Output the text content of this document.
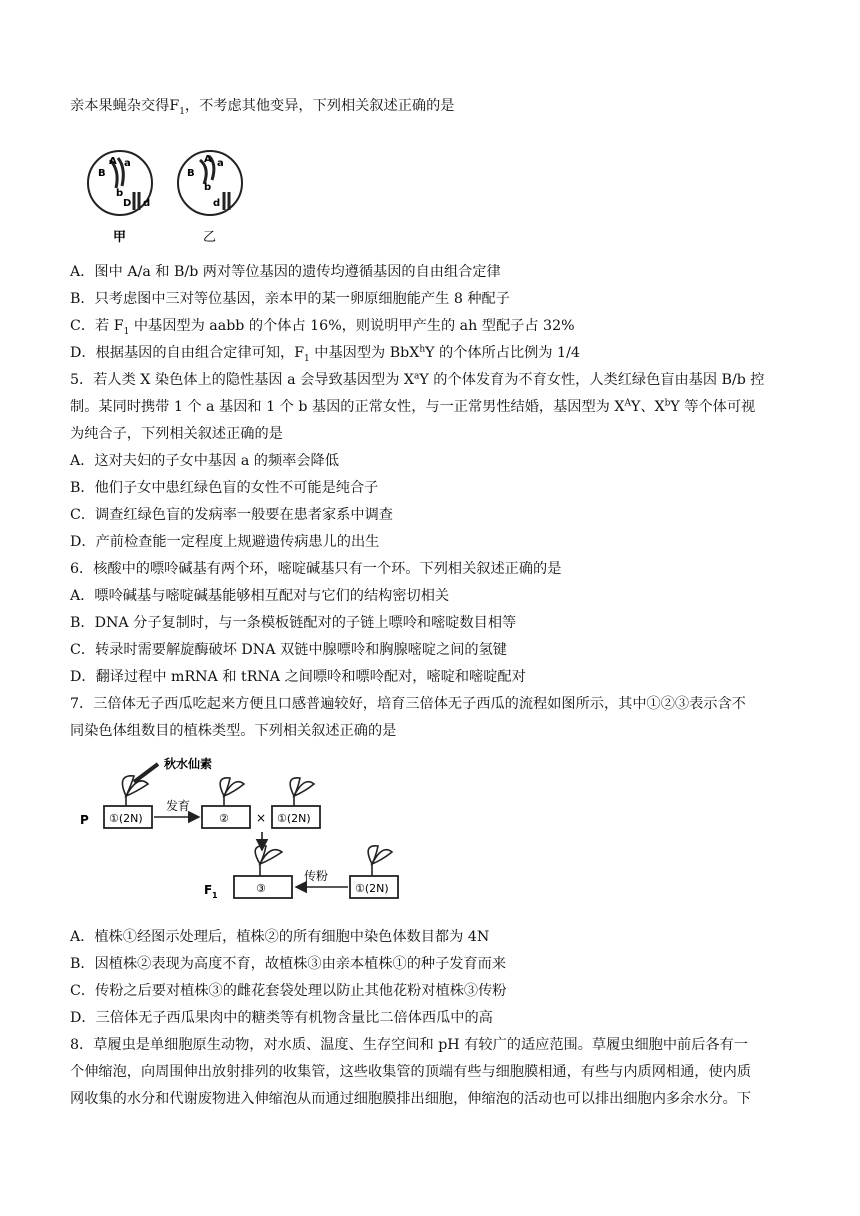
亲本果蝇杂交得$F_1$，不考虑其他变异，下列相关叙述正确的是
A a
B
b
D d
甲
A a
B
b
d
乙
A．图中 A/a 和 B/b 两对等位基因的遗传均遵循基因的自由组合定律
B．只考虑图中三对等位基因，亲本甲的某一卵原细胞能产生 8 种配子
C．若 $F_1$ 中基因型为 aabb 的个体占 16%，则说明甲产生的 ah 型配子占 32%
D．根据基因的自由组合定律可知，$F_1$ 中基因型为 BbX$^h$Y 的个体所占比例为 1/4
5．若人类 X 染色体上的隐性基因 a 会导致基因型为 $X^aY$ 的个体发育为不育女性，人类红绿色盲由基因 B/b 控
制。某同时携带 1 个 a 基因和 1 个 b 基因的正常女性，与一正常男性结婚，基因型为 $X^AY$、$X^bY$ 等个体可视
为纯合子，下列相关叙述正确的是
A．这对夫妇的子女中基因 a 的频率会降低
B．他们子女中患红绿色盲的女性不可能是纯合子
C．调查红绿色盲的发病率一般要在患者家系中调查
D．产前检查能一定程度上规避遗传病患儿的出生
6．核酸中的嘌呤碱基有两个环，嘧啶碱基只有一个环。下列相关叙述正确的是
A．嘌呤碱基与嘧啶碱基能够相互配对与它们的结构密切相关
B．DNA 分子复制时，与一条模板链配对的子链上嘌呤和嘧啶数目相等
C．转录时需要解旋酶破坏 DNA 双链中腺嘌呤和胸腺嘧啶之间的氢键
D．翻译过程中 mRNA 和 tRNA 之间嘌呤和嘌呤配对，嘧啶和嘧啶配对
7．三倍体无子西瓜吃起来方便且口感普遍较好，培育三倍体无子西瓜的流程如图所示，其中①②③表示含不
同染色体组数目的植株类型。下列相关叙述正确的是
秋水仙素
①(2N)
P
发育
② × ①(2N)
③
F 1
传粉
①(2N)
A．植株①经图示处理后，植株②的所有细胞中染色体数目都为 4N
B．因植株②表现为高度不育，故植株③由亲本植株①的种子发育而来
C．传粉之后要对植株③的雌花套袋处理以防止其他花粉对植株③传粉
D．三倍体无子西瓜果肉中的糖类等有机物含量比二倍体西瓜中的高
8．草履虫是单细胞原生动物，对水质、温度、生存空间和 pH 有较广的适应范围。草履虫细胞中前后各有一
个伸缩泡，向周围伸出放射排列的收集管，这些收集管的顶端有些与细胞膜相通，有些与内质网相通，使内质
网收集的水分和代谢废物进入伸缩泡从而通过细胞膜排出细胞，伸缩泡的活动也可以排出细胞内多余水分。下
